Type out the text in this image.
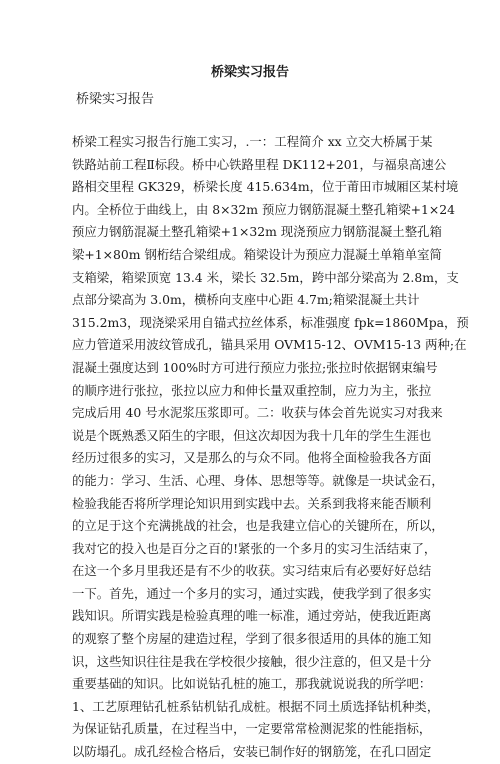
桥梁实习报告
桥梁实习报告
桥梁工程实习报告行施工实习，.一：工程简介 xx 立交大桥属于某
铁路站前工程Ⅱ标段。桥中心铁路里程 DK112+201，与福泉高速公
路相交里程 GK329，桥梁长度 415.634m，位于莆田市城厢区某村境
内。全桥位于曲线上，由 8×32m 预应力钢筋混凝土整孔箱梁+1×24
预应力钢筋混凝土整孔箱梁+1×32m 现浇预应力钢筋混凝土整孔箱
梁+1×80m 钢桁结合梁组成。箱梁设计为预应力混凝土单箱单室简
支箱梁，箱梁顶宽 13.4 米，梁长 32.5m，跨中部分梁高为 2.8m，支
点部分梁高为 3.0m，横桥向支座中心距 4.7m;箱梁混凝土共计
315.2m3，现浇梁采用自锚式拉丝体系，标准强度 fpk=1860Mpa，预
应力管道采用波纹管成孔，锚具采用 OVM15-12、OVM15-13 两种;在
混凝土强度达到 100%时方可进行预应力张拉;张拉时依据钢束编号
的顺序进行张拉，张拉以应力和伸长量双重控制，应力为主，张拉
完成后用 40 号水泥浆压浆即可。二：收获与体会首先说实习对我来
说是个既熟悉又陌生的字眼，但这次却因为我十几年的学生生涯也
经历过很多的实习，又是那么的与众不同。他将全面检验我各方面
的能力：学习、生活、心理、身体、思想等等。就像是一块试金石，
检验我能否将所学理论知识用到实践中去。关系到我将来能否顺利
的立足于这个充满挑战的社会，也是我建立信心的关键所在，所以，
我对它的投入也是百分之百的!紧张的一个多月的实习生活结束了，
在这一个多月里我还是有不少的收获。实习结束后有必要好好总结
一下。首先，通过一个多月的实习，通过实践，使我学到了很多实
践知识。所谓实践是检验真理的唯一标准，通过旁站，使我近距离
的观察了整个房屋的建造过程，学到了很多很适用的具体的施工知
识，这些知识往往是我在学校很少接触，很少注意的，但又是十分
重要基础的知识。比如说钻孔桩的施工，那我就说说我的所学吧：
1、工艺原理钻孔桩系钻机钻孔成桩。根据不同土质选择钻机种类，
为保证钻孔质量，在过程当中，一定要常常检测泥浆的性能指标，
以防塌孔。成孔经检合格后，安装已制作好的钢筋笼，在孔口固定
